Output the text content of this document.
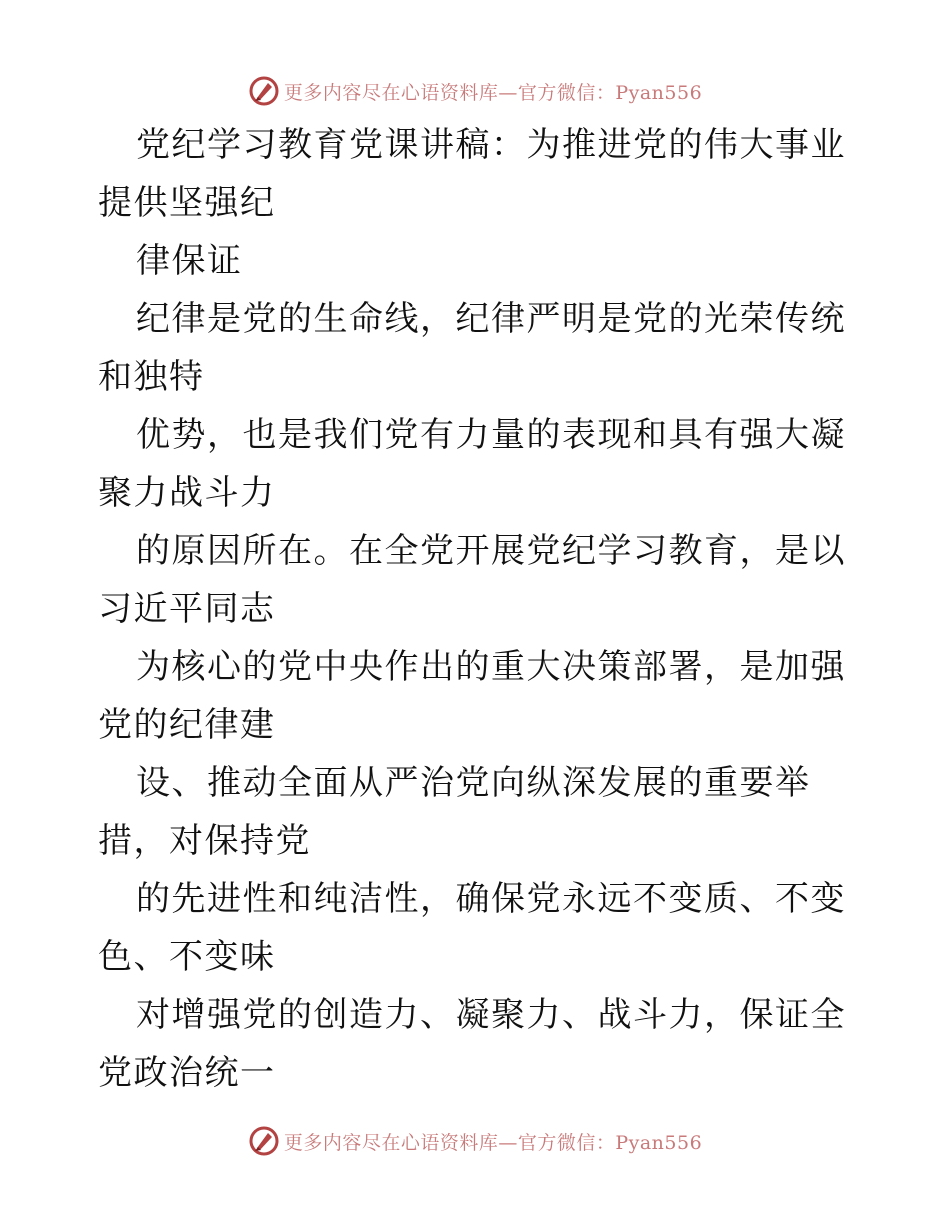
更多内容尽在心语资料库—官方微信：Pyan556

党纪学习教育党课讲稿：为推进党的伟大事业提供坚强纪

律保证

纪律是党的生命线，纪律严明是党的光荣传统和独特

优势，也是我们党有力量的表现和具有强大凝聚力战斗力

的原因所在。在全党开展党纪学习教育，是以习近平同志

为核心的党中央作出的重大决策部署，是加强党的纪律建

设、推动全面从严治党向纵深发展的重要举措，对保持党

的先进性和纯洁性，确保党永远不变质、不变色、不变味

对增强党的创造力、凝聚力、战斗力，保证全党政治统一

更多内容尽在心语资料库—官方微信：Pyan556
